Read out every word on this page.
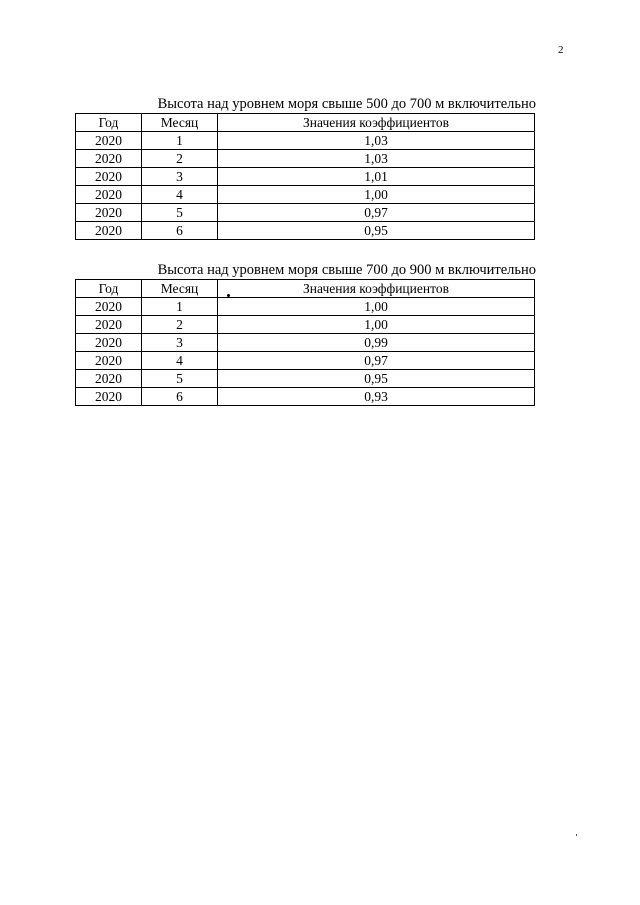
2
Высота над уровнем моря свыше 500 до 700 м включительно
Год	Месяц	Значения коэффициентов
2020	1	1,03
2020	2	1,03
2020	3	1,01
2020	4	1,00
2020	5	0,97
2020	6	0,95
Высота над уровнем моря свыше 700 до 900 м включительно
Год	Месяц	Значения коэффициентов
2020	1	1,00
2020	2	1,00
2020	3	0,99
2020	4	0,97
2020	5	0,95
2020	6	0,93
